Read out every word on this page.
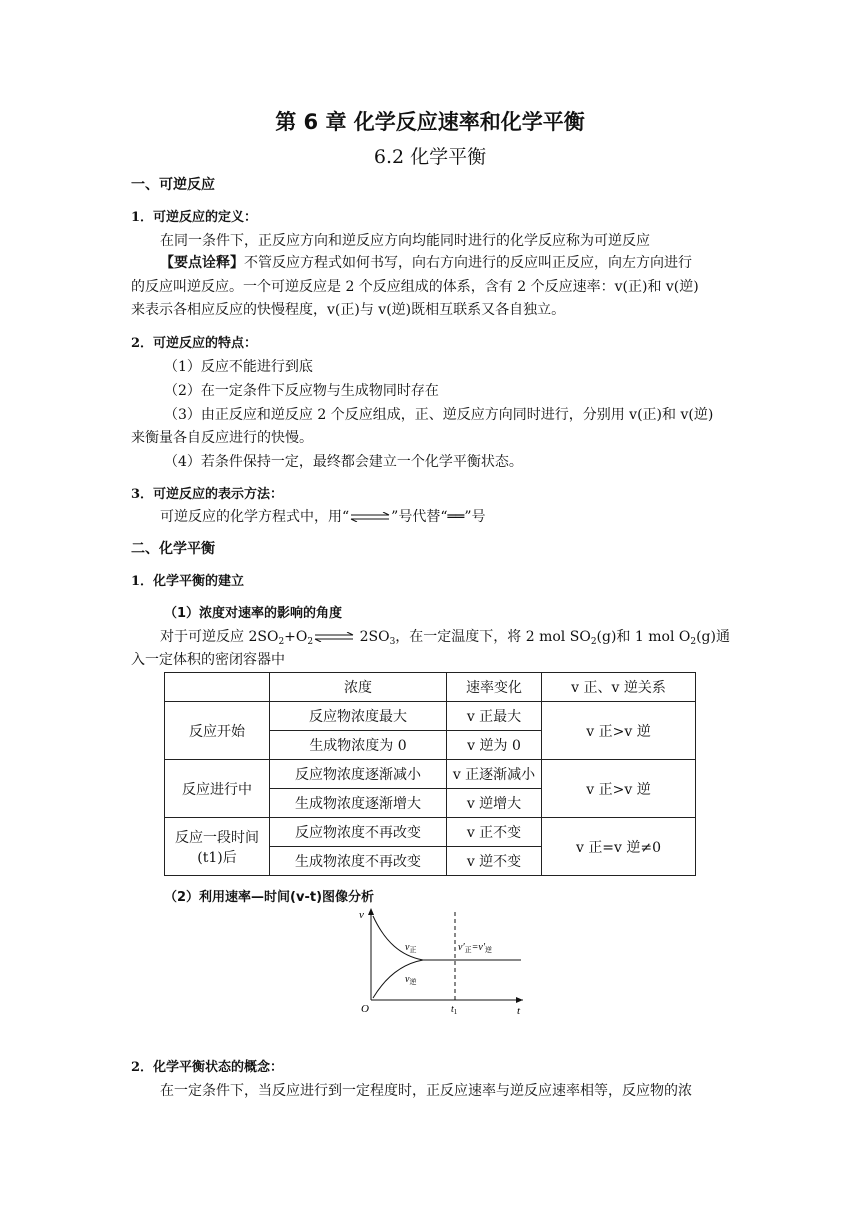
第 6 章 化学反应速率和化学平衡
6.2 化学平衡
一、可逆反应
1．可逆反应的定义：
在同一条件下，正反应方向和逆反应方向均能同时进行的化学反应称为可逆反应
【要点诠释】不管反应方程式如何书写，向右方向进行的反应叫正反应，向左方向进行
的反应叫逆反应。一个可逆反应是 2 个反应组成的体系，含有 2 个反应速率：v(正)和 v(逆)
来表示各相应反应的快慢程度，v(正)与 v(逆)既相互联系又各自独立。
2．可逆反应的特点：
（1）反应不能进行到底
（2）在一定条件下反应物与生成物同时存在
（3）由正反应和逆反应 2 个反应组成，正、逆反应方向同时进行，分别用 v(正)和 v(逆)
来衡量各自反应进行的快慢。
（4）若条件保持一定，最终都会建立一个化学平衡状态。
3．可逆反应的表示方法：
可逆反应的化学方程式中，用“⇌”号代替“══”号
二、化学平衡
1．化学平衡的建立
（1）浓度对速率的影响的角度
对于可逆反应 $2SO_2+O_2\rightleftharpoons$ $2SO_3$，在一定温度下，将 2 mol $SO_2(g)$和 1 mol $O_2(g)$通
入一定体积的密闭容器中
	浓度	速率变化	v 正、v 逆关系
反应开始	反应物浓度最大	v 正最大	v 正>v 逆
	生成物浓度为 0	v 逆为 0	
反应进行中	反应物浓度逐渐减小	v 正逐渐减小	v 正>v 逆
	生成物浓度逐渐增大	v 逆增大	
反应一段时间(t1)后	反应物浓度不再改变	v 正不变	v 正=v 逆≠0
	生成物浓度不再改变	v 逆不变	
（2）利用速率—时间(v-t)图像分析
v
t
O	$t_1$
$v_正$
$v_逆$
$v'_正=v'_逆$
2．化学平衡状态的概念：
在一定条件下，当反应进行到一定程度时，正反应速率与逆反应速率相等，反应物的浓
